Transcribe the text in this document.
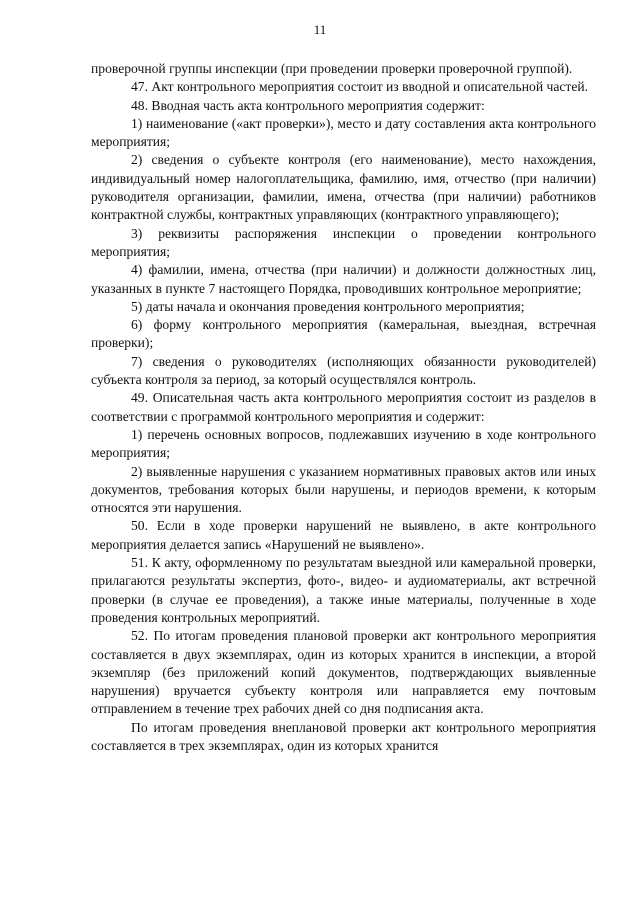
11

проверочной группы инспекции (при проведении проверки проверочной группой).

47. Акт контрольного мероприятия состоит из вводной и описательной частей.

48. Вводная часть акта контрольного мероприятия содержит:

1) наименование («акт проверки»), место и дату составления акта контрольного мероприятия;

2) сведения о субъекте контроля (его наименование), место нахождения, индивидуальный номер налогоплательщика, фамилию, имя, отчество (при наличии) руководителя организации, фамилии, имена, отчества (при наличии) работников контрактной службы, контрактных управляющих (контрактного управляющего);

3) реквизиты распоряжения инспекции о проведении контрольного мероприятия;

4) фамилии, имена, отчества (при наличии) и должности должностных лиц, указанных в пункте 7 настоящего Порядка, проводивших контрольное мероприятие;

5) даты начала и окончания проведения контрольного мероприятия;

6) форму контрольного мероприятия (камеральная, выездная, встречная проверки);

7) сведения о руководителях (исполняющих обязанности руководителей) субъекта контроля за период, за который осуществлялся контроль.

49. Описательная часть акта контрольного мероприятия состоит из разделов в соответствии с программой контрольного мероприятия и содержит:

1) перечень основных вопросов, подлежавших изучению в ходе контрольного мероприятия;

2) выявленные нарушения с указанием нормативных правовых актов или иных документов, требования которых были нарушены, и периодов времени, к которым относятся эти нарушения.

50. Если в ходе проверки нарушений не выявлено, в акте контрольного мероприятия делается запись «Нарушений не выявлено».

51. К акту, оформленному по результатам выездной или камеральной проверки, прилагаются результаты экспертиз, фото-, видео- и аудиоматериалы, акт встречной проверки (в случае ее проведения), а также иные материалы, полученные в ходе проведения контрольных мероприятий.

52. По итогам проведения плановой проверки акт контрольного мероприятия составляется в двух экземплярах, один из которых хранится в инспекции, а второй экземпляр (без приложений копий документов, подтверждающих выявленные нарушения) вручается субъекту контроля или направляется ему почтовым отправлением в течение трех рабочих дней со дня подписания акта.

По итогам проведения внеплановой проверки акт контрольного мероприятия составляется в трех экземплярах, один из которых хранится
